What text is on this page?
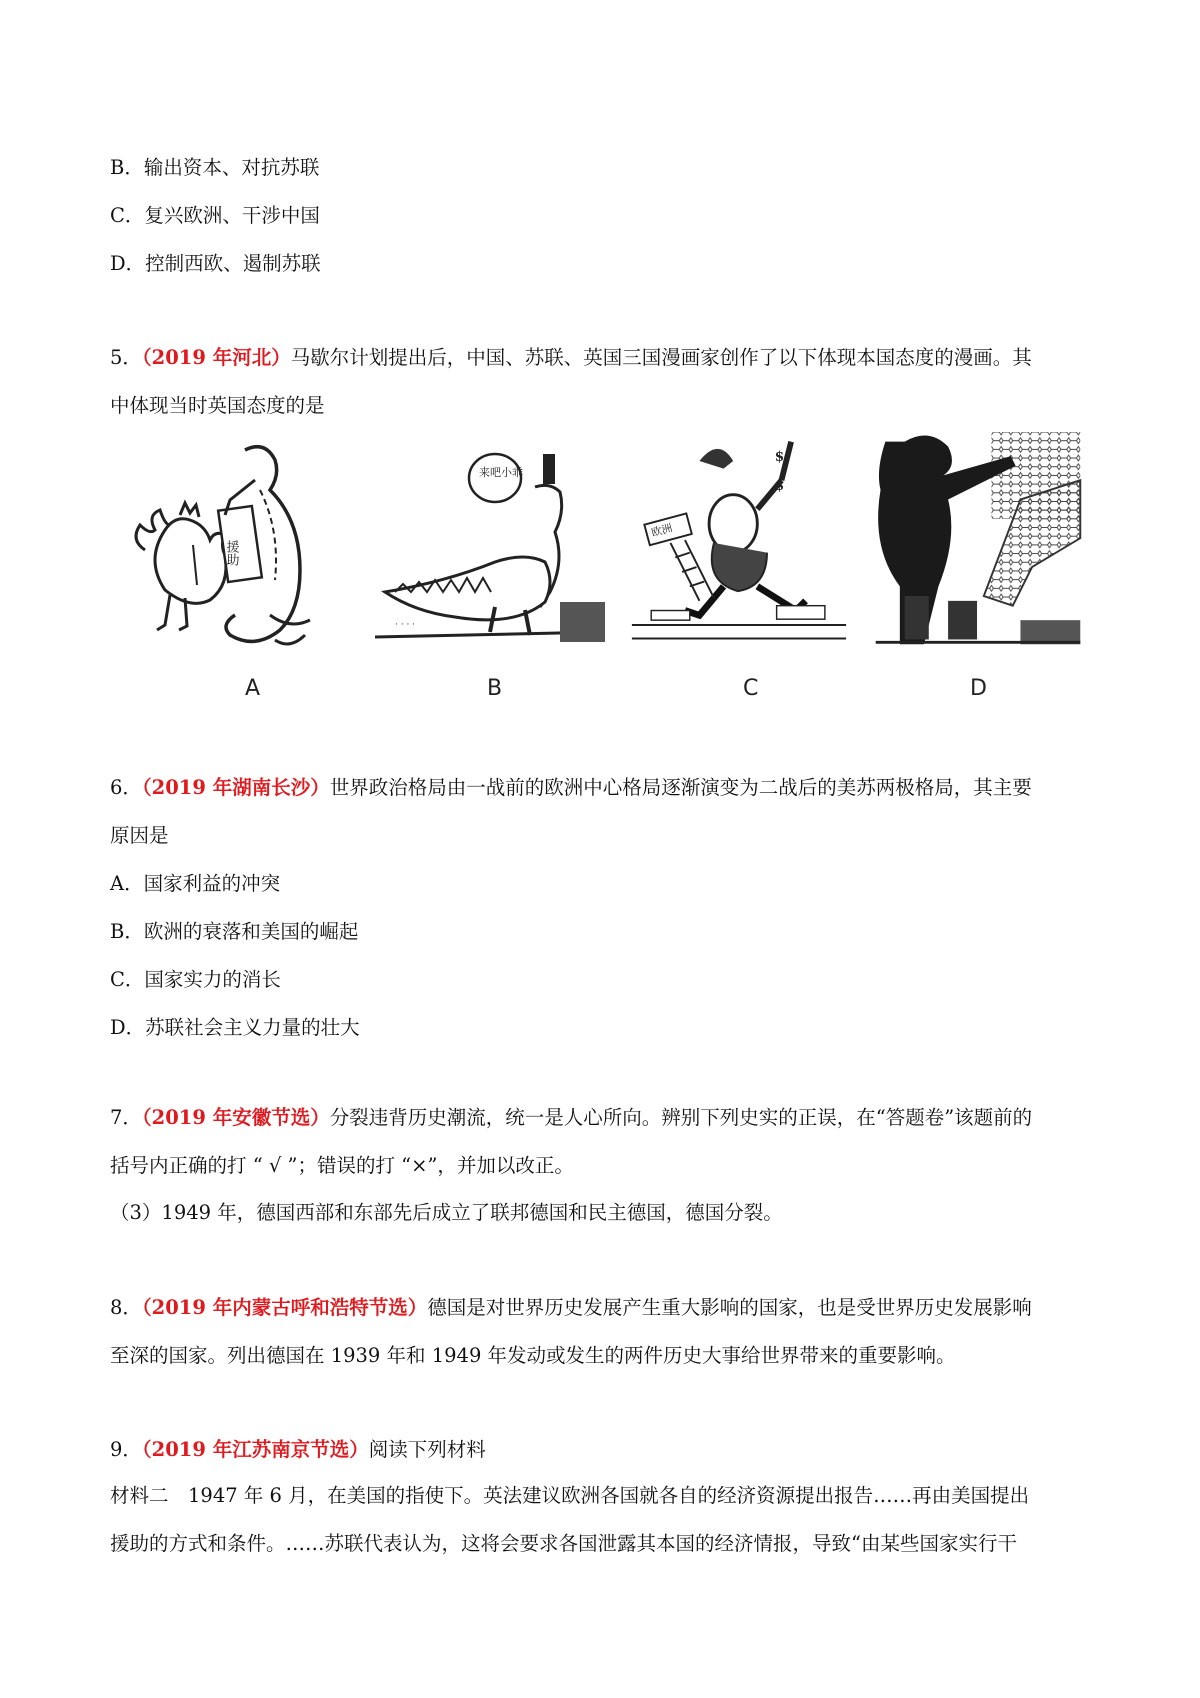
B．输出资本、对抗苏联
C．复兴欧洲、干涉中国
D．控制西欧、遏制苏联
5．（2019 年河北）马歇尔计划提出后，中国、苏联、英国三国漫画家创作了以下体现本国态度的漫画。其
中体现当时英国态度的是
援助
来吧小乖
· · · ·
$
$
欧洲
A	B	C	D
6．（2019 年湖南长沙）世界政治格局由一战前的欧洲中心格局逐渐演变为二战后的美苏两极格局，其主要
原因是
A．国家利益的冲突
B．欧洲的衰落和美国的崛起
C．国家实力的消长
D．苏联社会主义力量的壮大
7．（2019 年安徽节选）分裂违背历史潮流，统一是人心所向。辨别下列史实的正误，在“答题卷”该题前的
括号内正确的打 “ √ ”；错误的打 “×”，并加以改正。
（3）1949 年，德国西部和东部先后成立了联邦德国和民主德国，德国分裂。
8．（2019 年内蒙古呼和浩特节选）德国是对世界历史发展产生重大影响的国家，也是受世界历史发展影响
至深的国家。列出德国在 1939 年和 1949 年发动或发生的两件历史大事给世界带来的重要影响。
9．（2019 年江苏南京节选）阅读下列材料
材料二　1947 年 6 月，在美国的指使下。英法建议欧洲各国就各自的经济资源提出报告……再由美国提出
援助的方式和条件。……苏联代表认为，这将会要求各国泄露其本国的经济情报，导致“由某些国家实行干
